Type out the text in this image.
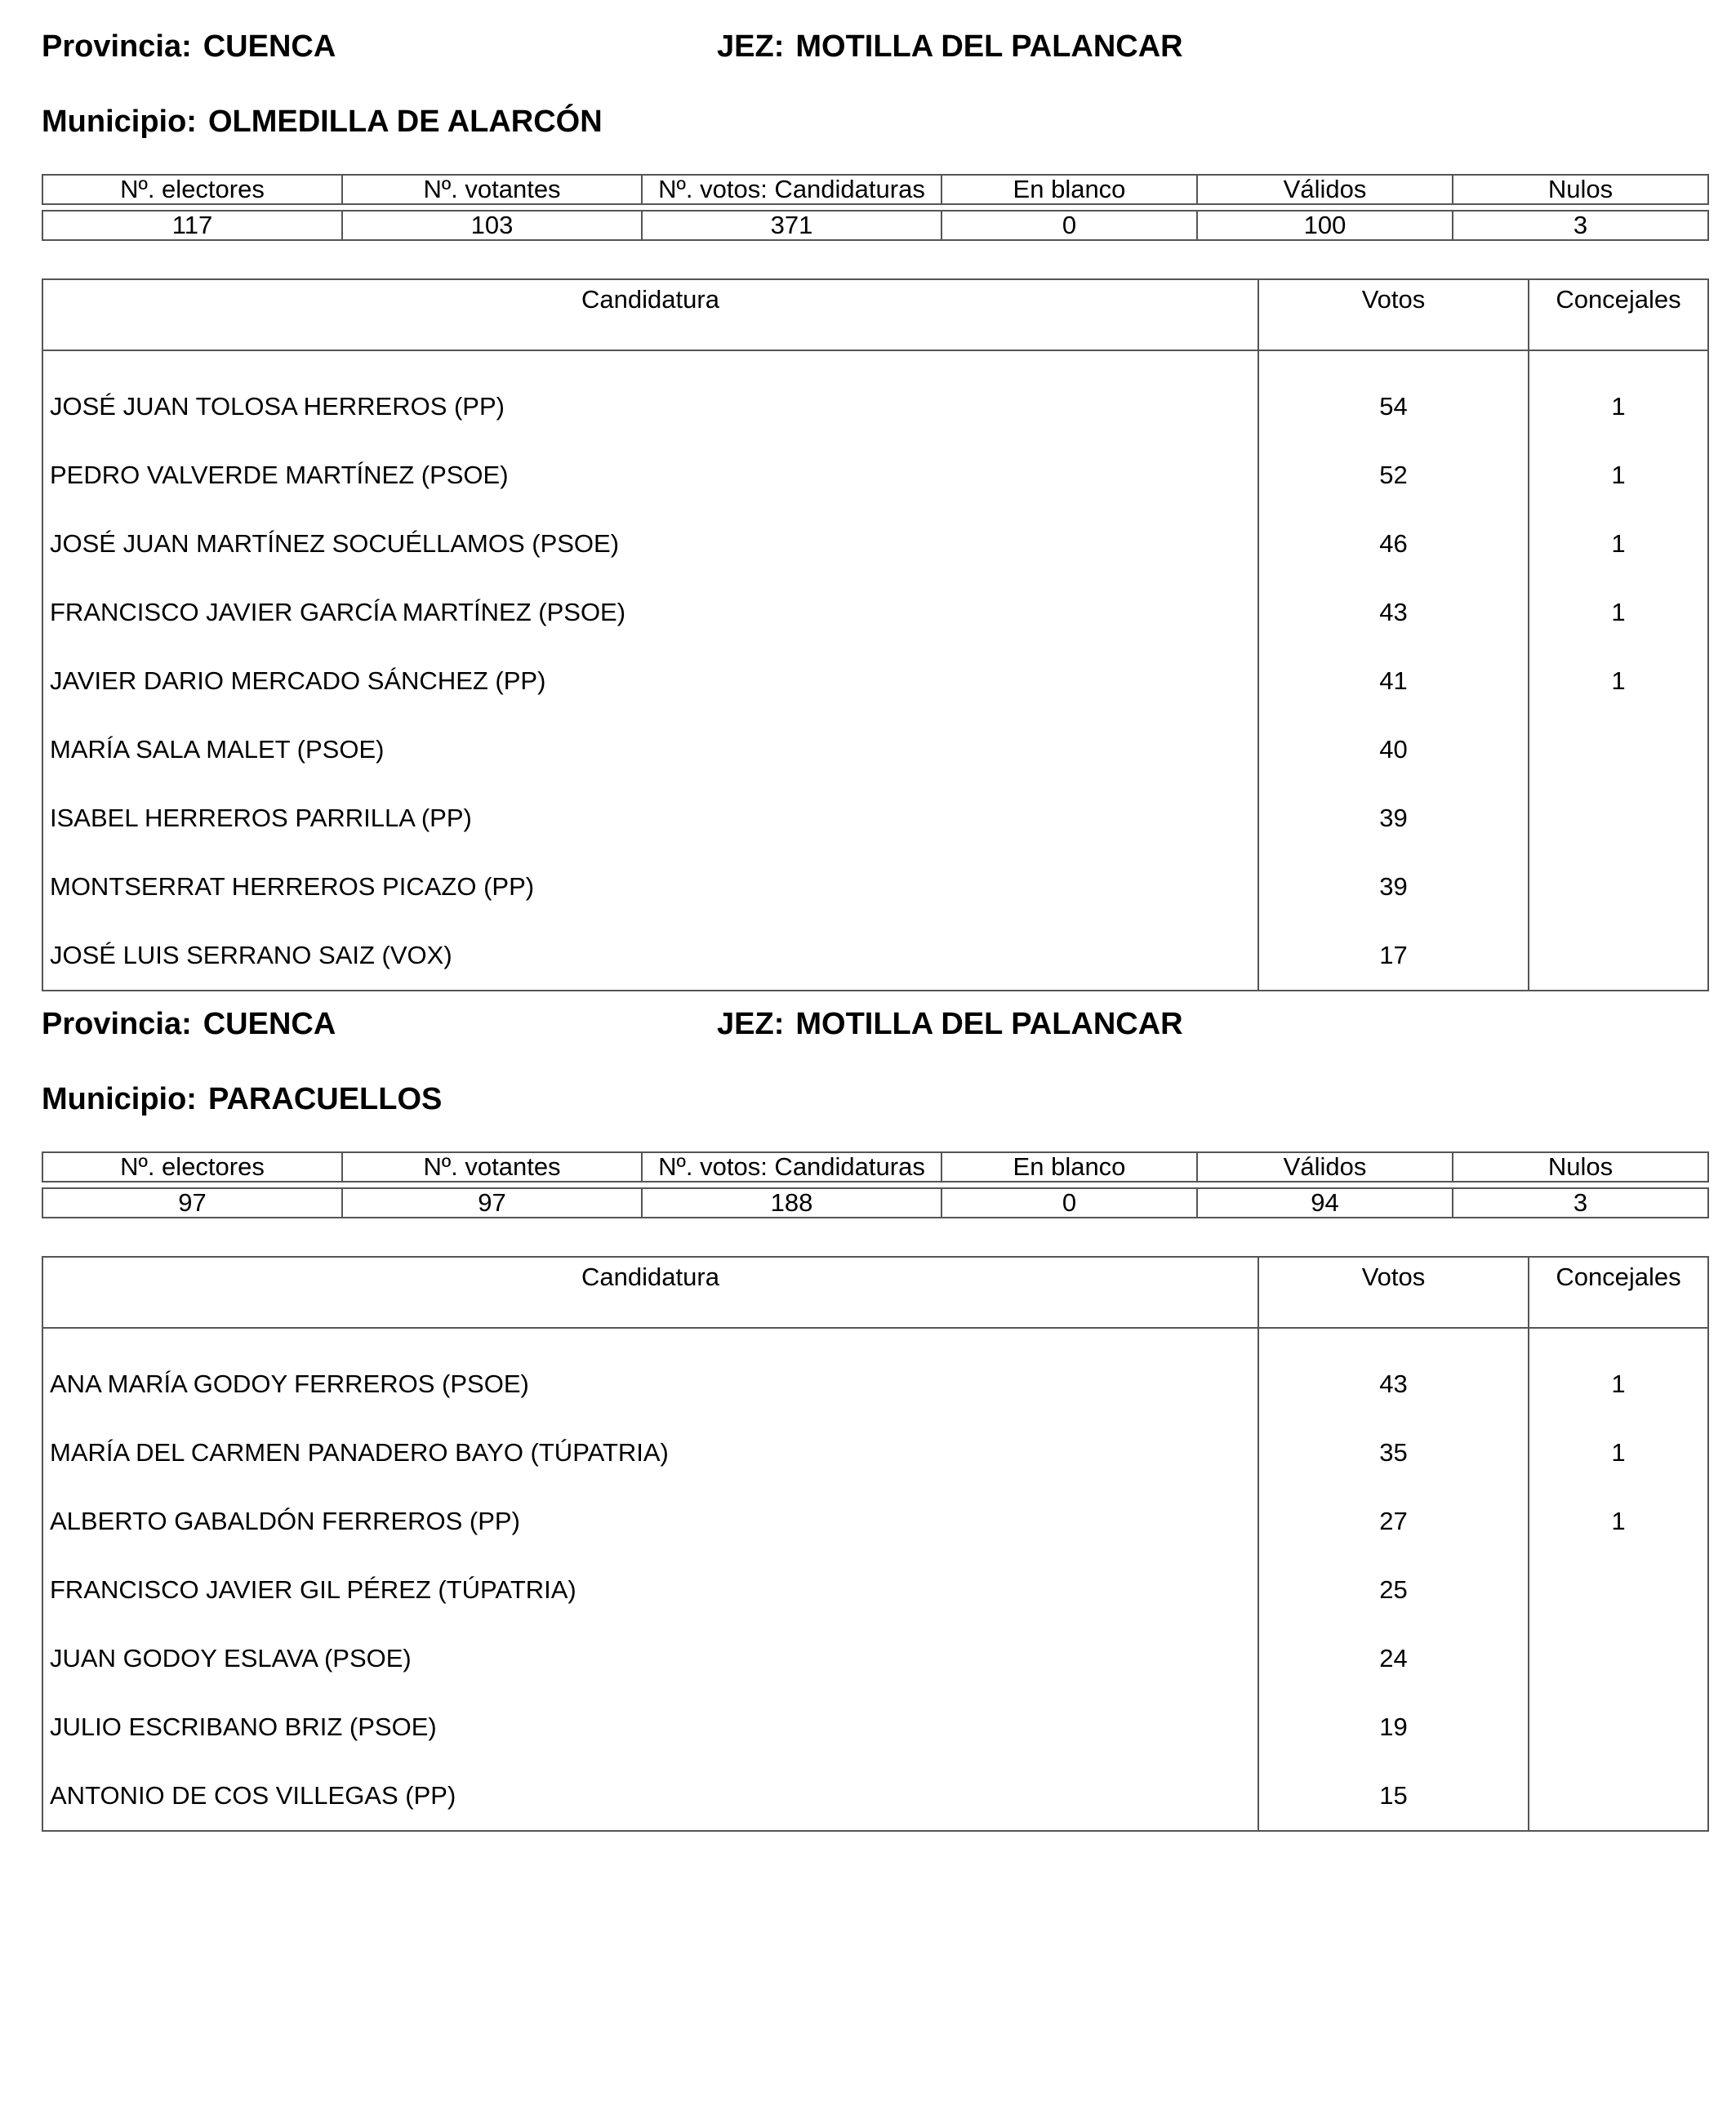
Provincia: CUENCA	JEZ: MOTILLA DEL PALANCAR
Municipio: OLMEDILLA DE ALARCÓN
Nº. electores	Nº. votantes	Nº. votos: Candidaturas	En blanco	Válidos	Nulos

117	103	371	0	100	3
Candidatura	Votos	Concejales
JOSÉ JUAN TOLOSA HERREROS (PP)	54	1
PEDRO VALVERDE MARTÍNEZ (PSOE)	52	1
JOSÉ JUAN MARTÍNEZ SOCUÉLLAMOS (PSOE)	46	1
FRANCISCO JAVIER GARCÍA MARTÍNEZ (PSOE)	43	1
JAVIER DARIO MERCADO SÁNCHEZ (PP)	41	1
MARÍA SALA MALET (PSOE)	40	
ISABEL HERREROS PARRILLA (PP)	39	
MONTSERRAT HERREROS PICAZO (PP)	39	
JOSÉ LUIS SERRANO SAIZ (VOX)	17	
Provincia: CUENCA	JEZ: MOTILLA DEL PALANCAR
Municipio: PARACUELLOS
Nº. electores	Nº. votantes	Nº. votos: Candidaturas	En blanco	Válidos	Nulos

97	97	188	0	94	3
Candidatura	Votos	Concejales
ANA MARÍA GODOY FERREROS (PSOE)	43	1
MARÍA DEL CARMEN PANADERO BAYO (TÚPATRIA)	35	1
ALBERTO GABALDÓN FERREROS (PP)	27	1
FRANCISCO JAVIER GIL PÉREZ (TÚPATRIA)	25	
JUAN GODOY ESLAVA (PSOE)	24	
JULIO ESCRIBANO BRIZ (PSOE)	19	
ANTONIO DE COS VILLEGAS (PP)	15	
